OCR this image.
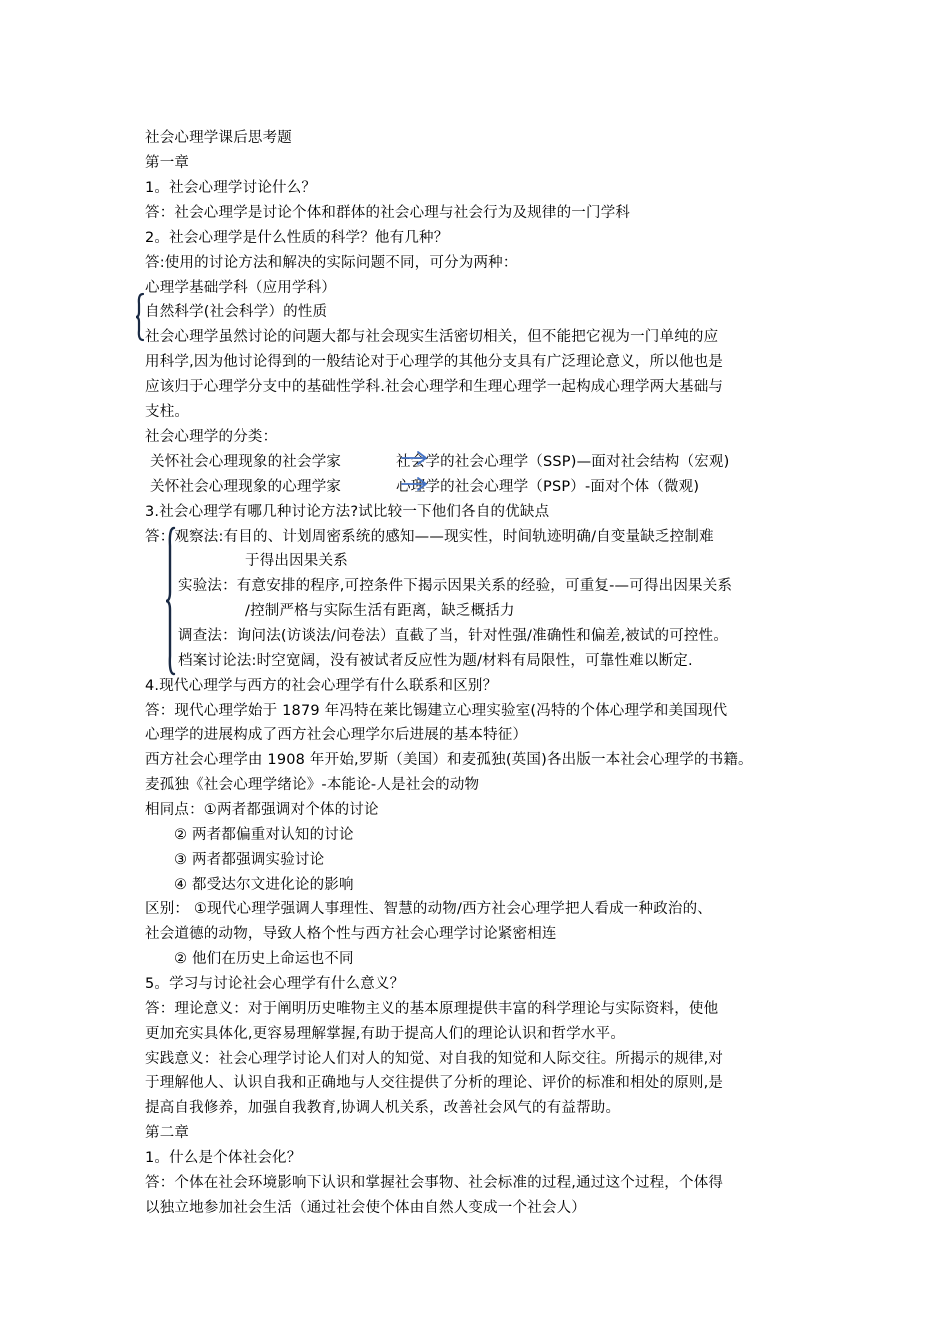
社会心理学课后思考题
第一章
1。社会心理学讨论什么？
答：社会心理学是讨论个体和群体的社会心理与社会行为及规律的一门学科
2。社会心理学是什么性质的科学？他有几种？
答:使用的讨论方法和解决的实际问题不同，可分为两种：
心理学基础学科（应用学科）
自然科学(社会科学）的性质
社会心理学虽然讨论的问题大都与社会现实生活密切相关，但不能把它视为一门单纯的应
用科学,因为他讨论得到的一般结论对于心理学的其他分支具有广泛理论意义，所以他也是
应该归于心理学分支中的基础性学科.社会心理学和生理心理学一起构成心理学两大基础与
支柱。
社会心理学的分类：
关怀社会心理现象的社会学家	社会学的社会心理学（SSP)—面对社会结构（宏观)
关怀社会心理现象的心理学家	心理学的社会心理学（PSP）-面对个体（微观)
3.社会心理学有哪几种讨论方法?试比较一下他们各自的优缺点
答：观察法:有目的、计划周密系统的感知——现实性，时间轨迹明确/自变量缺乏控制难
于得出因果关系
实验法：有意安排的程序,可控条件下揭示因果关系的经验，可重复-—可得出因果关系
/控制严格与实际生活有距离，缺乏概括力
调查法：询问法(访谈法/问卷法）直截了当，针对性强/准确性和偏差,被试的可控性。
档案讨论法:时空宽阔，没有被试者反应性为题/材料有局限性，可靠性难以断定.
4.现代心理学与西方的社会心理学有什么联系和区别？
答：现代心理学始于 1879 年冯特在莱比锡建立心理实验室(冯特的个体心理学和美国现代
心理学的进展构成了西方社会心理学尔后进展的基本特征）
西方社会心理学由 1908 年开始,罗斯（美国）和麦孤独(英国)各出版一本社会心理学的书籍。
麦孤独《社会心理学绪论》-本能论-人是社会的动物
相同点：①两者都强调对个体的讨论
② 两者都偏重对认知的讨论
③ 两者都强调实验讨论
④ 都受达尔文进化论的影响
区别： ①现代心理学强调人事理性、智慧的动物/西方社会心理学把人看成一种政治的、
社会道德的动物，导致人格个性与西方社会心理学讨论紧密相连
② 他们在历史上命运也不同
5。学习与讨论社会心理学有什么意义？
答：理论意义：对于阐明历史唯物主义的基本原理提供丰富的科学理论与实际资料，使他
更加充实具体化,更容易理解掌握,有助于提高人们的理论认识和哲学水平。
实践意义：社会心理学讨论人们对人的知觉、对自我的知觉和人际交往。所揭示的规律,对
于理解他人、认识自我和正确地与人交往提供了分析的理论、评价的标准和相处的原则,是
提高自我修养，加强自我教育,协调人机关系，改善社会风气的有益帮助。
第二章
1。什么是个体社会化？
答：个体在社会环境影响下认识和掌握社会事物、社会标准的过程,通过这个过程，个体得
以独立地参加社会生活（通过社会使个体由自然人变成一个社会人）
